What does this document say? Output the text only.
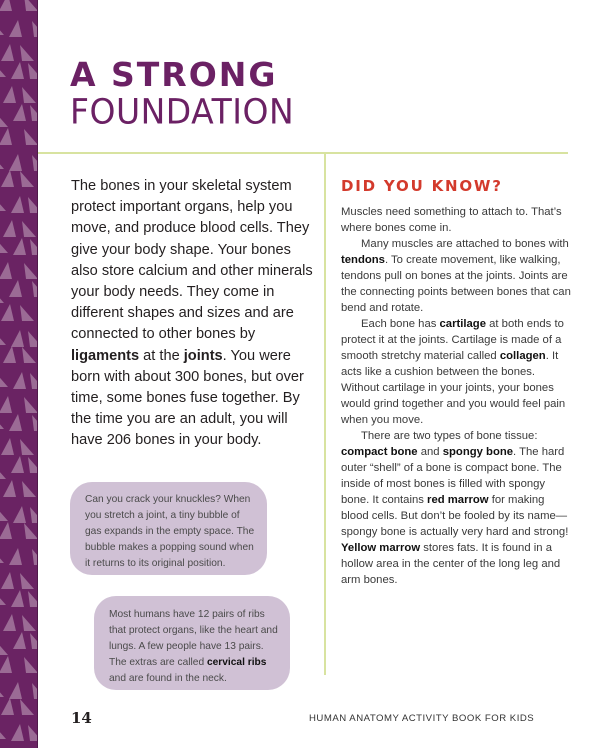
A STRONG
FOUNDATION

The bones in your skeletal system protect important organs, help you move, and produce blood cells. They give your body shape. Your bones also store calcium and other minerals your body needs. They come in different shapes and sizes and are connected to other bones by ligaments at the joints. You were born with about 300 bones, but over time, some bones fuse together. By the time you are an adult, you will have 206 bones in your body.

DID YOU KNOW?

Muscles need something to attach to. That’s where bones come in.

Many muscles are attached to bones with tendons. To create movement, like walking, tendons pull on bones at the joints. Joints are the connecting points between bones that can bend and rotate.

Each bone has cartilage at both ends to protect it at the joints. Cartilage is made of a smooth stretchy material called collagen. It acts like a cushion between the bones. Without cartilage in your joints, your bones would grind together and you would feel pain when you move.

There are two types of bone tissue: compact bone and spongy bone. The hard outer “shell” of a bone is compact bone. The inside of most bones is filled with spongy bone. It contains red marrow for making blood cells. But don’t be fooled by its name—spongy bone is actually very hard and strong! Yellow marrow stores fats. It is found in a hollow area in the center of the long leg and arm bones.

Can you crack your knuckles? When you stretch a joint, a tiny bubble of gas expands in the empty space. The bubble makes a popping sound when it returns to its original position.
Most humans have 12 pairs of ribs that protect organs, like the heart and lungs. A few people have 13 pairs. The extras are called cervical ribs and are found in the neck.
14	HUMAN ANATOMY ACTIVITY BOOK FOR KIDS
